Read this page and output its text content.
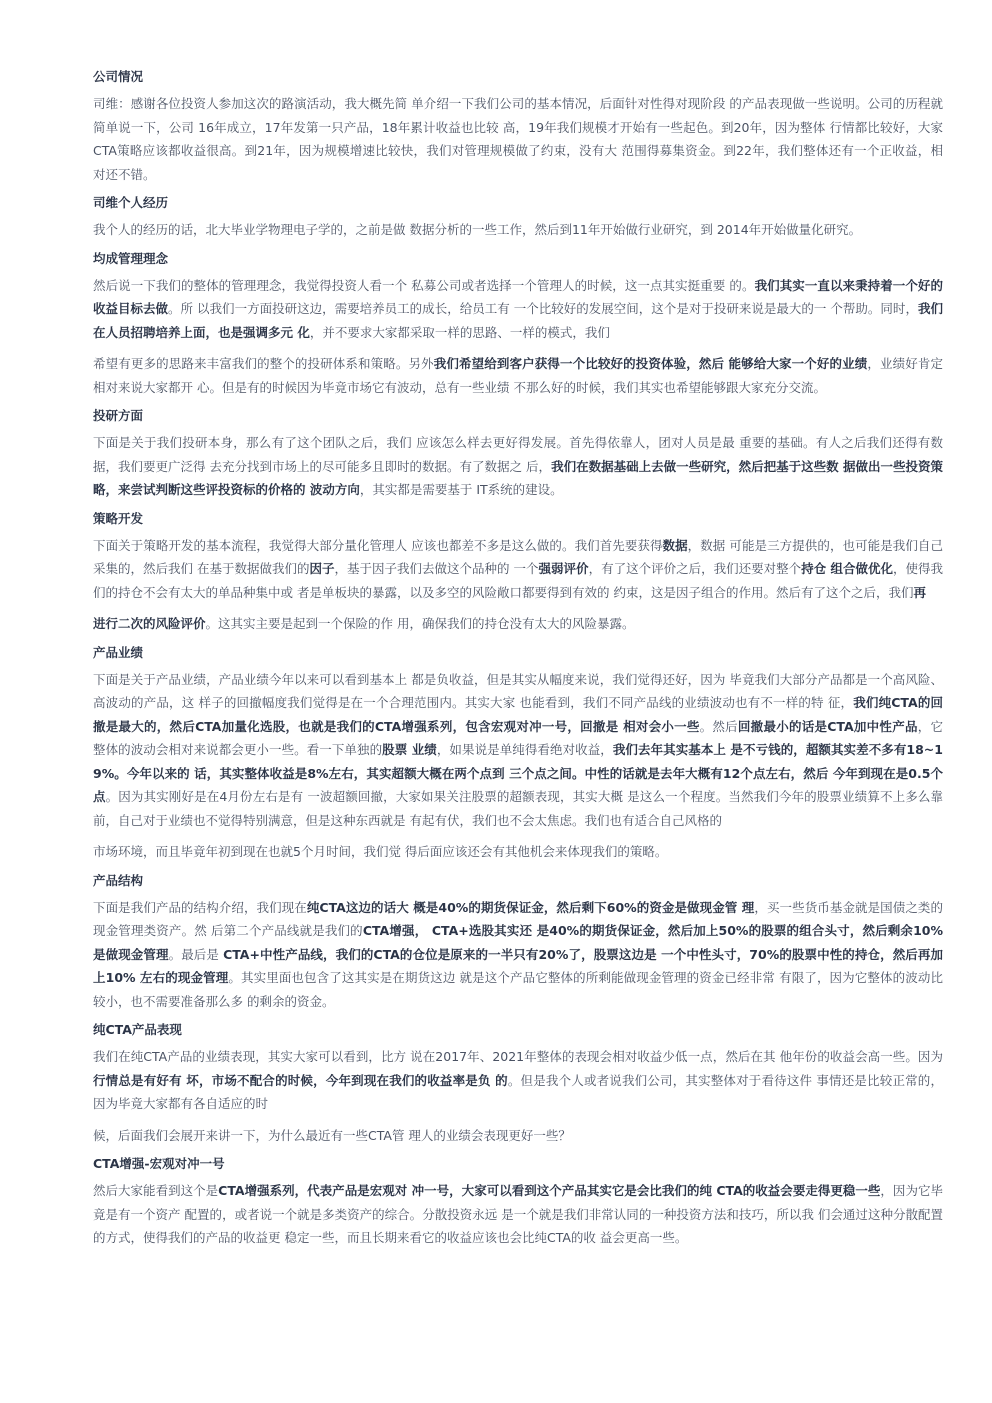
公司情况

司维：感谢各位投资人参加这次的路演活动，我大概先简 单介绍一下我们公司的基本情况，后面针对性得对现阶段 的产品表现做一些说明。公司的历程就简单说一下，公司 16年成立，17年发第一只产品，18年累计收益也比较 高，19年我们规模才开始有一些起色。到20年，因为整体 行情都比较好，大家CTA策略应该都收益很高。到21年，因为规模增速比较快，我们对管理规模做了约束，没有大 范围得募集资金。到22年，我们整体还有一个正收益，相 对还不错。

司维个人经历

我个人的经历的话，北大毕业学物理电子学的，之前是做 数据分析的一些工作，然后到11年开始做行业研究，到 2014年开始做量化研究。

均成管理理念

然后说一下我们的整体的管理理念，我觉得投资人看一个 私募公司或者选择一个管理人的时候，这一点其实挺重要 的。我们其实一直以来秉持着一个好的收益目标去做。所 以我们一方面投研这边，需要培养员工的成长，给员工有 一个比较好的发展空间，这个是对于投研来说是最大的一 个帮助。同时，我们在人员招聘培养上面，也是强调多元 化，并不要求大家都采取一样的思路、一样的模式，我们

希望有更多的思路来丰富我们的整个的投研体系和策略。另外我们希望给到客户获得一个比较好的投资体验，然后 能够给大家一个好的业绩，业绩好肯定相对来说大家都开 心。但是有的时候因为毕竟市场它有波动，总有一些业绩 不那么好的时候，我们其实也希望能够跟大家充分交流。

投研方面

下面是关于我们投研本身，那么有了这个团队之后，我们 应该怎么样去更好得发展。首先得依靠人，团对人员是最 重要的基础。有人之后我们还得有数据，我们要更广泛得 去充分找到市场上的尽可能多且即时的数据。有了数据之 后，我们在数据基础上去做一些研究，然后把基于这些数 据做出一些投资策略，来尝试判断这些评投资标的价格的 波动方向，其实都是需要基于 IT系统的建设。

策略开发

下面关于策略开发的基本流程，我觉得大部分量化管理人 应该也都差不多是这么做的。我们首先要获得数据，数据 可能是三方提供的，也可能是我们自己采集的，然后我们 在基于数据做我们的因子，基于因子我们去做这个品种的 一个强弱评价，有了这个评价之后，我们还要对整个持仓 组合做优化，使得我们的持仓不会有太大的单品种集中或 者是单板块的暴露，以及多空的风险敞口都要得到有效的 约束，这是因子组合的作用。然后有了这个之后，我们再

进行二次的风险评价。这其实主要是起到一个保险的作 用，确保我们的持仓没有太大的风险暴露。

产品业绩

下面是关于产品业绩，产品业绩今年以来可以看到基本上 都是负收益，但是其实从幅度来说，我们觉得还好，因为 毕竟我们大部分产品都是一个高风险、高波动的产品，这 样子的回撤幅度我们觉得是在一个合理范围内。其实大家 也能看到，我们不同产品线的业绩波动也有不一样的特 征，我们纯CTA的回撤是最大的，然后CTA加量化选股，也就是我们的CTA增强系列，包含宏观对冲一号，回撤是 相对会小一些。然后回撤最小的话是CTA加中性产品，它 整体的波动会相对来说都会更小一些。看一下单独的股票 业绩，如果说是单纯得看绝对收益，我们去年其实基本上 是不亏钱的，超额其实差不多有18~19%。今年以来的 话，其实整体收益是8%左右，其实超额大概在两个点到 三个点之间。中性的话就是去年大概有12个点左右，然后 今年到现在是0.5个点。因为其实刚好是在4月份左右是有 一波超额回撤，大家如果关注股票的超额表现，其实大概 是这么一个程度。当然我们今年的股票业绩算不上多么靠 前，自己对于业绩也不觉得特别满意，但是这种东西就是 有起有伏，我们也不会太焦虑。我们也有适合自己风格的

市场环境，而且毕竟年初到现在也就5个月时间，我们觉 得后面应该还会有其他机会来体现我们的策略。

产品结构

下面是我们产品的结构介绍，我们现在纯CTA这边的话大 概是40%的期货保证金，然后剩下60%的资金是做现金管 理，买一些货币基金就是国债之类的现金管理类资产。然 后第二个产品线就是我们的CTA增强， CTA+选股其实还 是40%的期货保证金，然后加上50%的股票的组合头寸，然后剩余10%是做现金管理。最后是 CTA+中性产品线，我们的CTA的仓位是原来的一半只有20%了，股票这边是 一个中性头寸，70%的股票中性的持仓，然后再加上10% 左右的现金管理。其实里面也包含了这其实是在期货这边 就是这个产品它整体的所剩能做现金管理的资金已经非常 有限了，因为它整体的波动比较小，也不需要准备那么多 的剩余的资金。

纯CTA产品表现

我们在纯CTA产品的业绩表现，其实大家可以看到，比方 说在2017年、2021年整体的表现会相对收益少低一点，然后在其 他年份的收益会高一些。因为行情总是有好有 坏，市场不配合的时候，今年到现在我们的收益率是负 的。但是我个人或者说我们公司，其实整体对于看待这件 事情还是比较正常的，因为毕竟大家都有各自适应的时

候，后面我们会展开来讲一下，为什么最近有一些CTA管 理人的业绩会表现更好一些？

CTA增强-宏观对冲一号

然后大家能看到这个是CTA增强系列，代表产品是宏观对 冲一号，大家可以看到这个产品其实它是会比我们的纯 CTA的收益会要走得更稳一些，因为它毕竟是有一个资产 配置的，或者说一个就是多类资产的综合。分散投资永远 是一个就是我们非常认同的一种投资方法和技巧，所以我 们会通过这种分散配置的方式，使得我们的产品的收益更 稳定一些，而且长期来看它的收益应该也会比纯CTA的收 益会更高一些。
